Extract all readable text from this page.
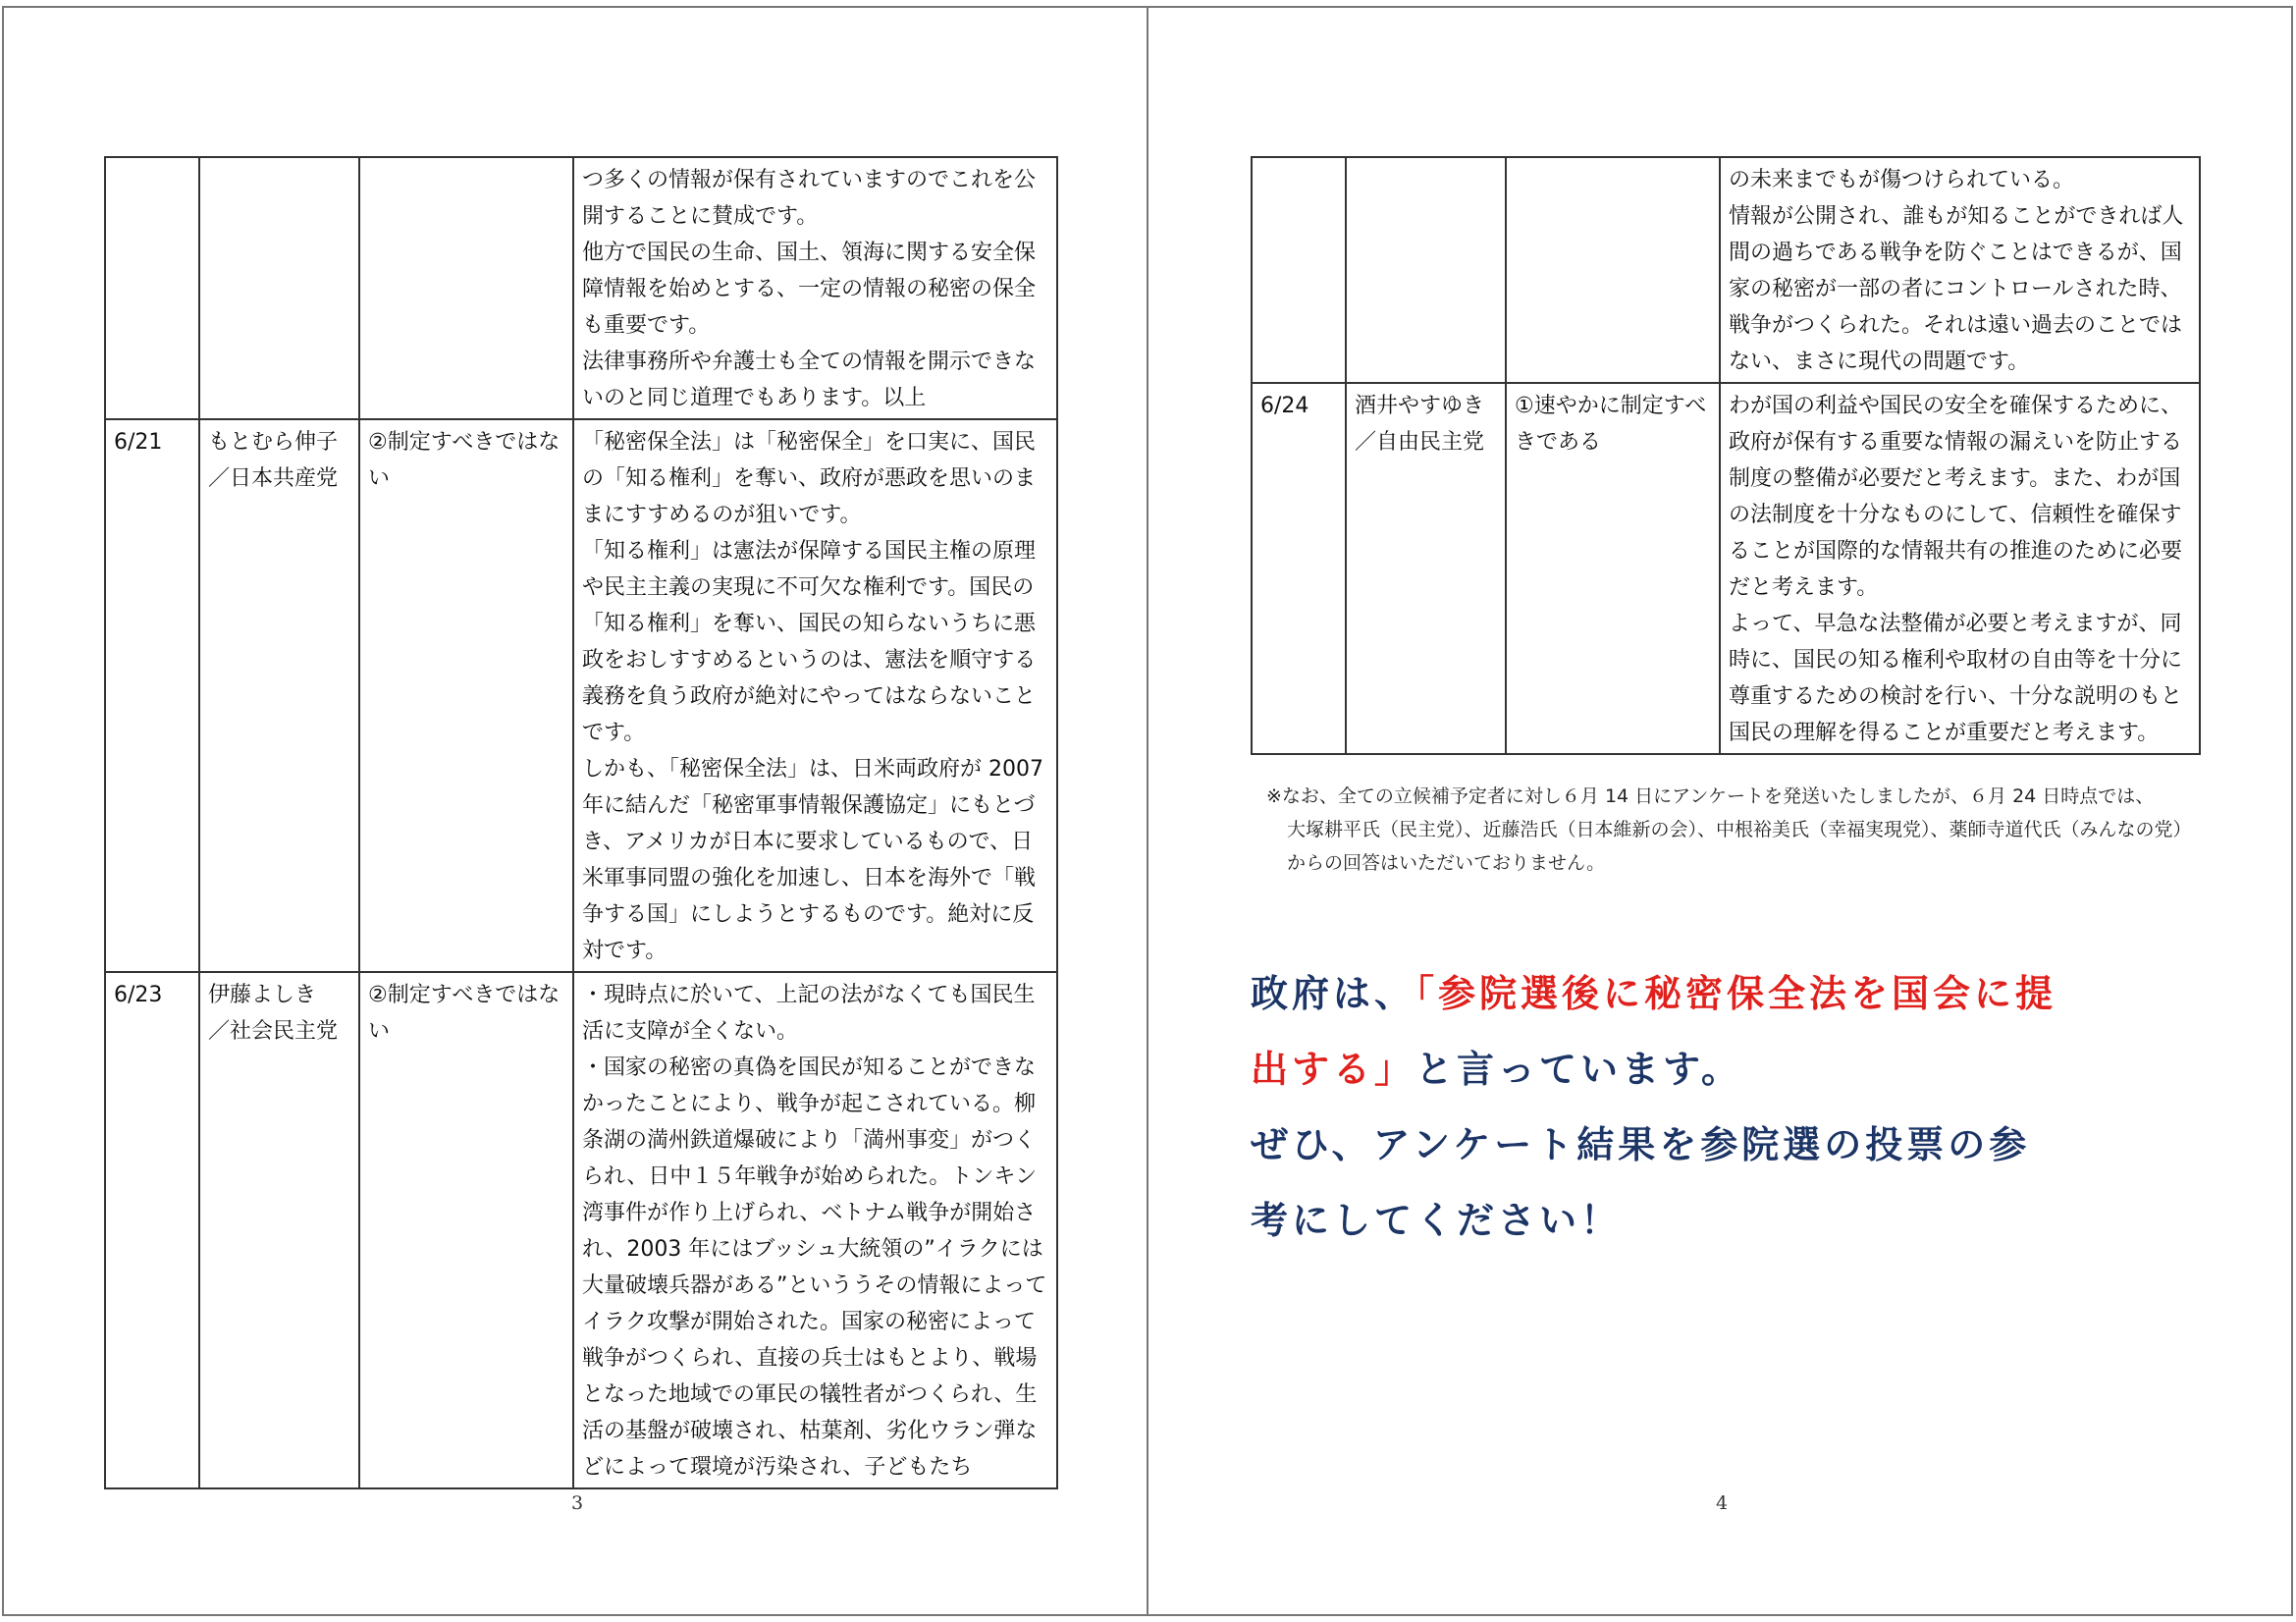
			つ多くの情報が保有されていますのでこれを公開することに賛成です。
他方で国民の生命、国土、領海に関する安全保障情報を始めとする、一定の情報の秘密の保全も重要です。
法律事務所や弁護士も全ての情報を開示できないのと同じ道理でもあります。以上

6/21	もとむら伸子
／日本共産党	②制定すべきではない	「秘密保全法」は「秘密保全」を口実に、国民の「知る権利」を奪い、政府が悪政を思いのままにすすめるのが狙いです。
「知る権利」は憲法が保障する国民主権の原理や民主主義の実現に不可欠な権利です。国民の「知る権利」を奪い、国民の知らないうちに悪政をおしすすめるというのは、憲法を順守する義務を負う政府が絶対にやってはならないことです。
しかも、「秘密保全法」は、日米両政府が 2007 年に結んだ「秘密軍事情報保護協定」にもとづき、アメリカが日本に要求しているもので、日米軍事同盟の強化を加速し、日本を海外で「戦争する国」にしようとするものです。絶対に反対です。

6/23	伊藤よしき
／社会民主党	②制定すべきではない	・現時点に於いて、上記の法がなくても国民生活に支障が全くない。
・国家の秘密の真偽を国民が知ることができなかったことにより、戦争が起こされている。柳条湖の満州鉄道爆破により「満州事変」がつくられ、日中１５年戦争が始められた。トンキン湾事件が作り上げられ、ベトナム戦争が開始され、2003 年にはブッシュ大統領の”イラクには大量破壊兵器がある”といううその情報によってイラク攻撃が開始された。国家の秘密によって戦争がつくられ、直接の兵士はもとより、戦場となった地域での軍民の犠牲者がつくられ、生活の基盤が破壊され、枯葉剤、劣化ウラン弾などによって環境が汚染され、子どもたち
3

			の未来までもが傷つけられている。
情報が公開され、誰もが知ることができれば人間の過ちである戦争を防ぐことはできるが、国家の秘密が一部の者にコントロールされた時、戦争がつくられた。それは遠い過去のことではない、まさに現代の問題です。

6/24	酒井やすゆき
／自由民主党	①速やかに制定すべきである	わが国の利益や国民の安全を確保するために、政府が保有する重要な情報の漏えいを防止する制度の整備が必要だと考えます。また、わが国の法制度を十分なものにして、信頼性を確保することが国際的な情報共有の推進のために必要だと考えます。
よって、早急な法整備が必要と考えますが、同時に、国民の知る権利や取材の自由等を十分に尊重するための検討を行い、十分な説明のもと国民の理解を得ることが重要だと考えます。
※なお、全ての立候補予定者に対し６月 14 日にアンケートを発送いたしましたが、６月 24 日時点では、
大塚耕平氏（民主党）、近藤浩氏（日本維新の会）、中根裕美氏（幸福実現党）、薬師寺道代氏（みんなの党）
からの回答はいただいておりません。
政府は、「参院選後に秘密保全法を国会に提
出する」と言っています。
ぜひ、アンケート結果を参院選の投票の参
考にしてください！
4
